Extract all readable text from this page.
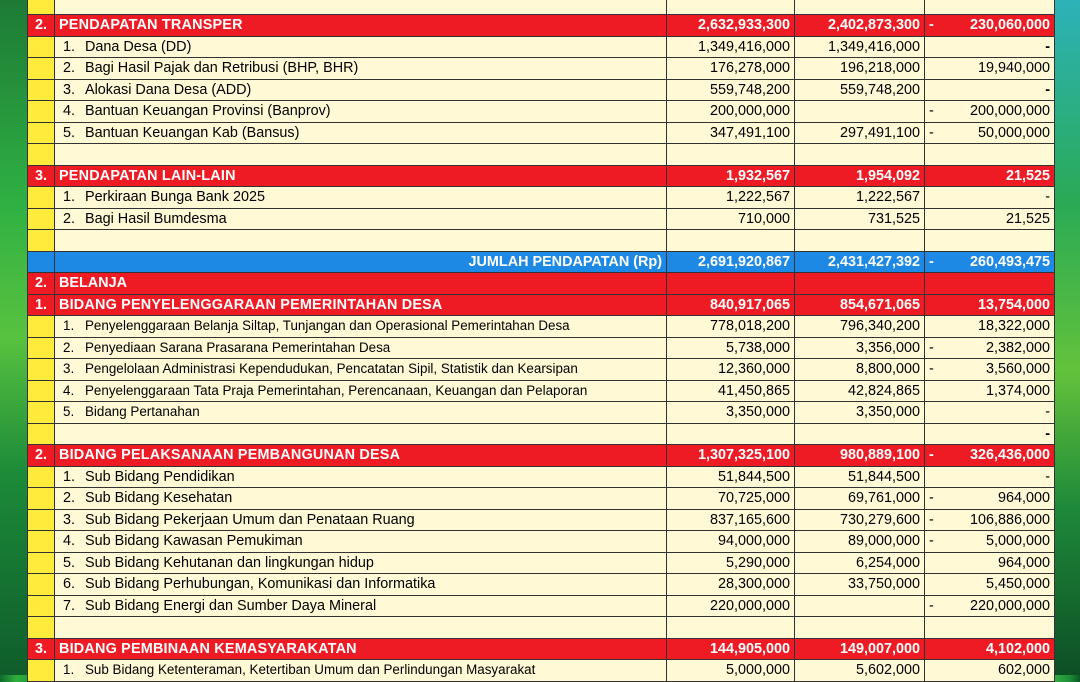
2.	PENDAPATAN TRANSPER	2,632,933,300	2,402,873,300	- 230,060,000
	1. Dana Desa (DD)	1,349,416,000	1,349,416,000	-
	2. Bagi Hasil Pajak dan Retribusi (BHP, BHR)	176,278,000	196,218,000	19,940,000
	3. Alokasi Dana Desa (ADD)	559,748,200	559,748,200	-
	4. Bantuan Keuangan Provinsi (Banprov)	200,000,000		- 200,000,000
	5. Bantuan Keuangan Kab (Bansus)	347,491,100	297,491,100	- 50,000,000

3.	PENDAPATAN LAIN-LAIN	1,932,567	1,954,092	21,525
	1. Perkiraan Bunga Bank 2025	1,222,567	1,222,567	-
	2. Bagi Hasil Bumdesma	710,000	731,525	21,525

	JUMLAH PENDAPATAN (Rp)	2,691,920,867	2,431,427,392	- 260,493,475
2.	BELANJA			
1.	BIDANG PENYELENGGARAAN PEMERINTAHAN DESA	840,917,065	854,671,065	13,754,000
	1. Penyelenggaraan Belanja Siltap, Tunjangan dan Operasional Pemerintahan Desa	778,018,200	796,340,200	18,322,000
	2. Penyediaan Sarana Prasarana Pemerintahan Desa	5,738,000	3,356,000	- 2,382,000
	3. Pengelolaan Administrasi Kependudukan, Pencatatan Sipil, Statistik dan Kearsipan	12,360,000	8,800,000	- 3,560,000
	4. Penyelenggaraan Tata Praja Pemerintahan, Perencanaan, Keuangan dan Pelaporan	41,450,865	42,824,865	1,374,000
	5. Bidang Pertanahan	3,350,000	3,350,000	-
				-
2.	BIDANG PELAKSANAAN PEMBANGUNAN DESA	1,307,325,100	980,889,100	- 326,436,000
	1. Sub Bidang Pendidikan	51,844,500	51,844,500	-
	2. Sub Bidang Kesehatan	70,725,000	69,761,000	- 964,000
	3. Sub Bidang Pekerjaan Umum dan Penataan Ruang	837,165,600	730,279,600	- 106,886,000
	4. Sub Bidang Kawasan Pemukiman	94,000,000	89,000,000	- 5,000,000
	5. Sub Bidang Kehutanan dan lingkungan hidup	5,290,000	6,254,000	964,000
	6. Sub Bidang Perhubungan, Komunikasi dan Informatika	28,300,000	33,750,000	5,450,000
	7. Sub Bidang Energi dan Sumber Daya Mineral	220,000,000		- 220,000,000

3.	BIDANG PEMBINAAN KEMASYARAKATAN	144,905,000	149,007,000	4,102,000
	1. Sub Bidang Ketenteraman, Ketertiban Umum dan Perlindungan Masyarakat	5,000,000	5,602,000	602,000
